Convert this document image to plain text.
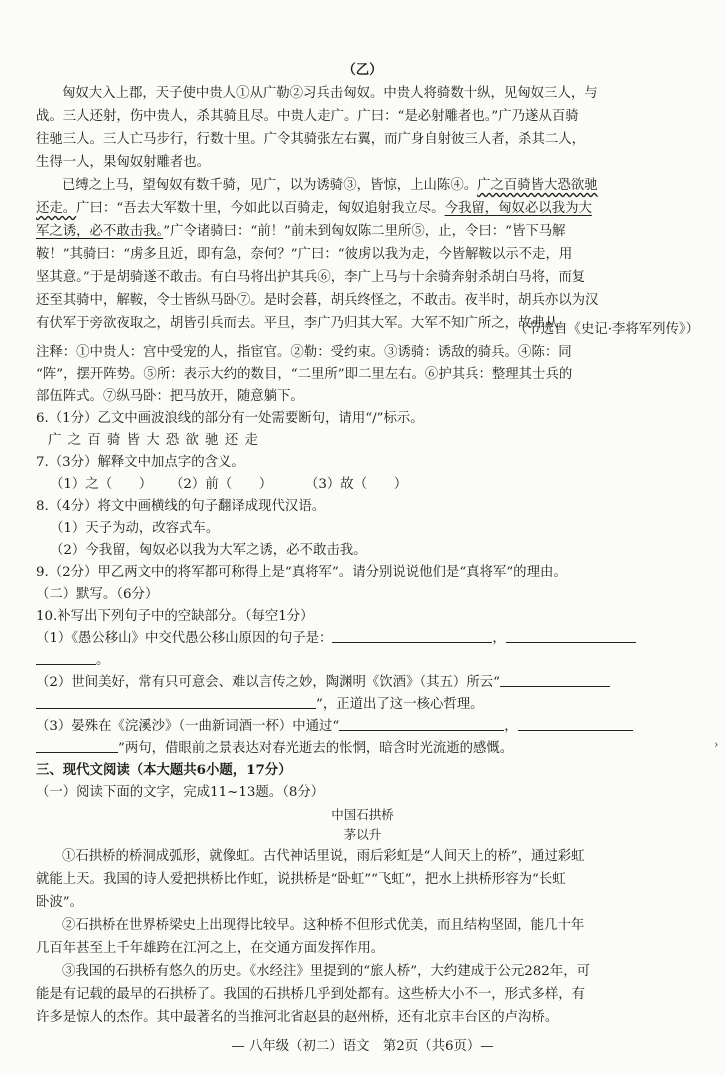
（乙）
匈奴大入上郡，天子使中贵人①从广勒②习兵击匈奴。中贵人将骑数十纵，见匈奴三人，与
战。三人还射，伤中贵人，杀其骑且尽。中贵人走广。广曰：“是必射雕者也。”广乃遂从百骑
往驰三人。三人亡马步行，行数十里。广令其骑张左右翼，而广身自射彼三人者，杀其二人，
生得一人，果匈奴射雕者也。
已缚之上马，望匈奴有数千骑，见广，以为诱骑③，皆惊，上山陈④。广之百骑皆大恐欲驰
还走。广曰：“吾去大军数十里，今如此以百骑走，匈奴追射我立尽。今我留，匈奴必以我为大
军之诱，必不敢击我。”广令诸骑曰：“前！”前未到匈奴陈二里所⑤，止，令曰：“皆下马解
鞍！”其骑曰：“虏多且近，即有急，奈何？”广曰：“彼虏以我为走，今皆解鞍以示不走，用
坚其意。”于是胡骑遂不敢击。有白马将出护其兵⑥，李广上马与十余骑奔射杀胡白马将，而复
还至其骑中，解鞍，令士皆纵马卧⑦。是时会暮，胡兵终怪之，不敢击。夜半时，胡兵亦以为汉
有伏军于旁欲夜取之，胡皆引兵而去。平旦，李广乃归其大军。大军不知广所之，故弗从。
（节选自《史记·李将军列传》）
注释：①中贵人：宫中受宠的人，指宦官。②勒：受约束。③诱骑：诱敌的骑兵。④陈：同
“阵”，摆开阵势。⑤所：表示大约的数目，“二里所”即二里左右。⑥护其兵：整理其士兵的
部伍阵式。⑦纵马卧：把马放开，随意躺下。
6.（1分）乙文中画波浪线的部分有一处需要断句，请用“/”标示。
广 之 百 骑 皆 大 恐 欲 驰 还 走
7.（3分）解释文中加点字的含义。
（1）之（　　） （2）前（　　） （3）故（　　）
8.（4分）将文中画横线的句子翻译成现代汉语。
（1）天子为动，改容式车。
（2）今我留，匈奴必以我为大军之诱，必不敢击我。
9.（2分）甲乙两文中的将军都可称得上是“真将军”。请分别说说他们是“真将军”的理由。
（二）默写。（6分）
10.补写出下列句子中的空缺部分。（每空1分）
（1）《愚公移山》中交代愚公移山原因的句子是：	，
。
（2）世间美好，常有只可意会、难以言传之妙，陶渊明《饮酒》（其五）所云“
”，正道出了这一核心哲理。
（3）晏殊在《浣溪沙》（一曲新词酒一杯）中通过“	，
”两句，借眼前之景表达对春光逝去的怅惘，暗含时光流逝的感慨。	›
三、现代文阅读（本大题共6小题，17分）
（一）阅读下面的文字，完成11~13题。（8分）
中国石拱桥
茅以升
①石拱桥的桥洞成弧形，就像虹。古代神话里说，雨后彩虹是“人间天上的桥”，通过彩虹
就能上天。我国的诗人爱把拱桥比作虹，说拱桥是“卧虹”“飞虹”，把水上拱桥形容为“长虹
卧波”。
②石拱桥在世界桥梁史上出现得比较早。这种桥不但形式优美，而且结构坚固，能几十年
几百年甚至上千年雄跨在江河之上，在交通方面发挥作用。
③我国的石拱桥有悠久的历史。《水经注》里提到的“旅人桥”，大约建成于公元282年，可
能是有记载的最早的石拱桥了。我国的石拱桥几乎到处都有。这些桥大小不一，形式多样，有
许多是惊人的杰作。其中最著名的当推河北省赵县的赵州桥，还有北京丰台区的卢沟桥。
— 八年级（初二）语文　第2页（共6页）—
